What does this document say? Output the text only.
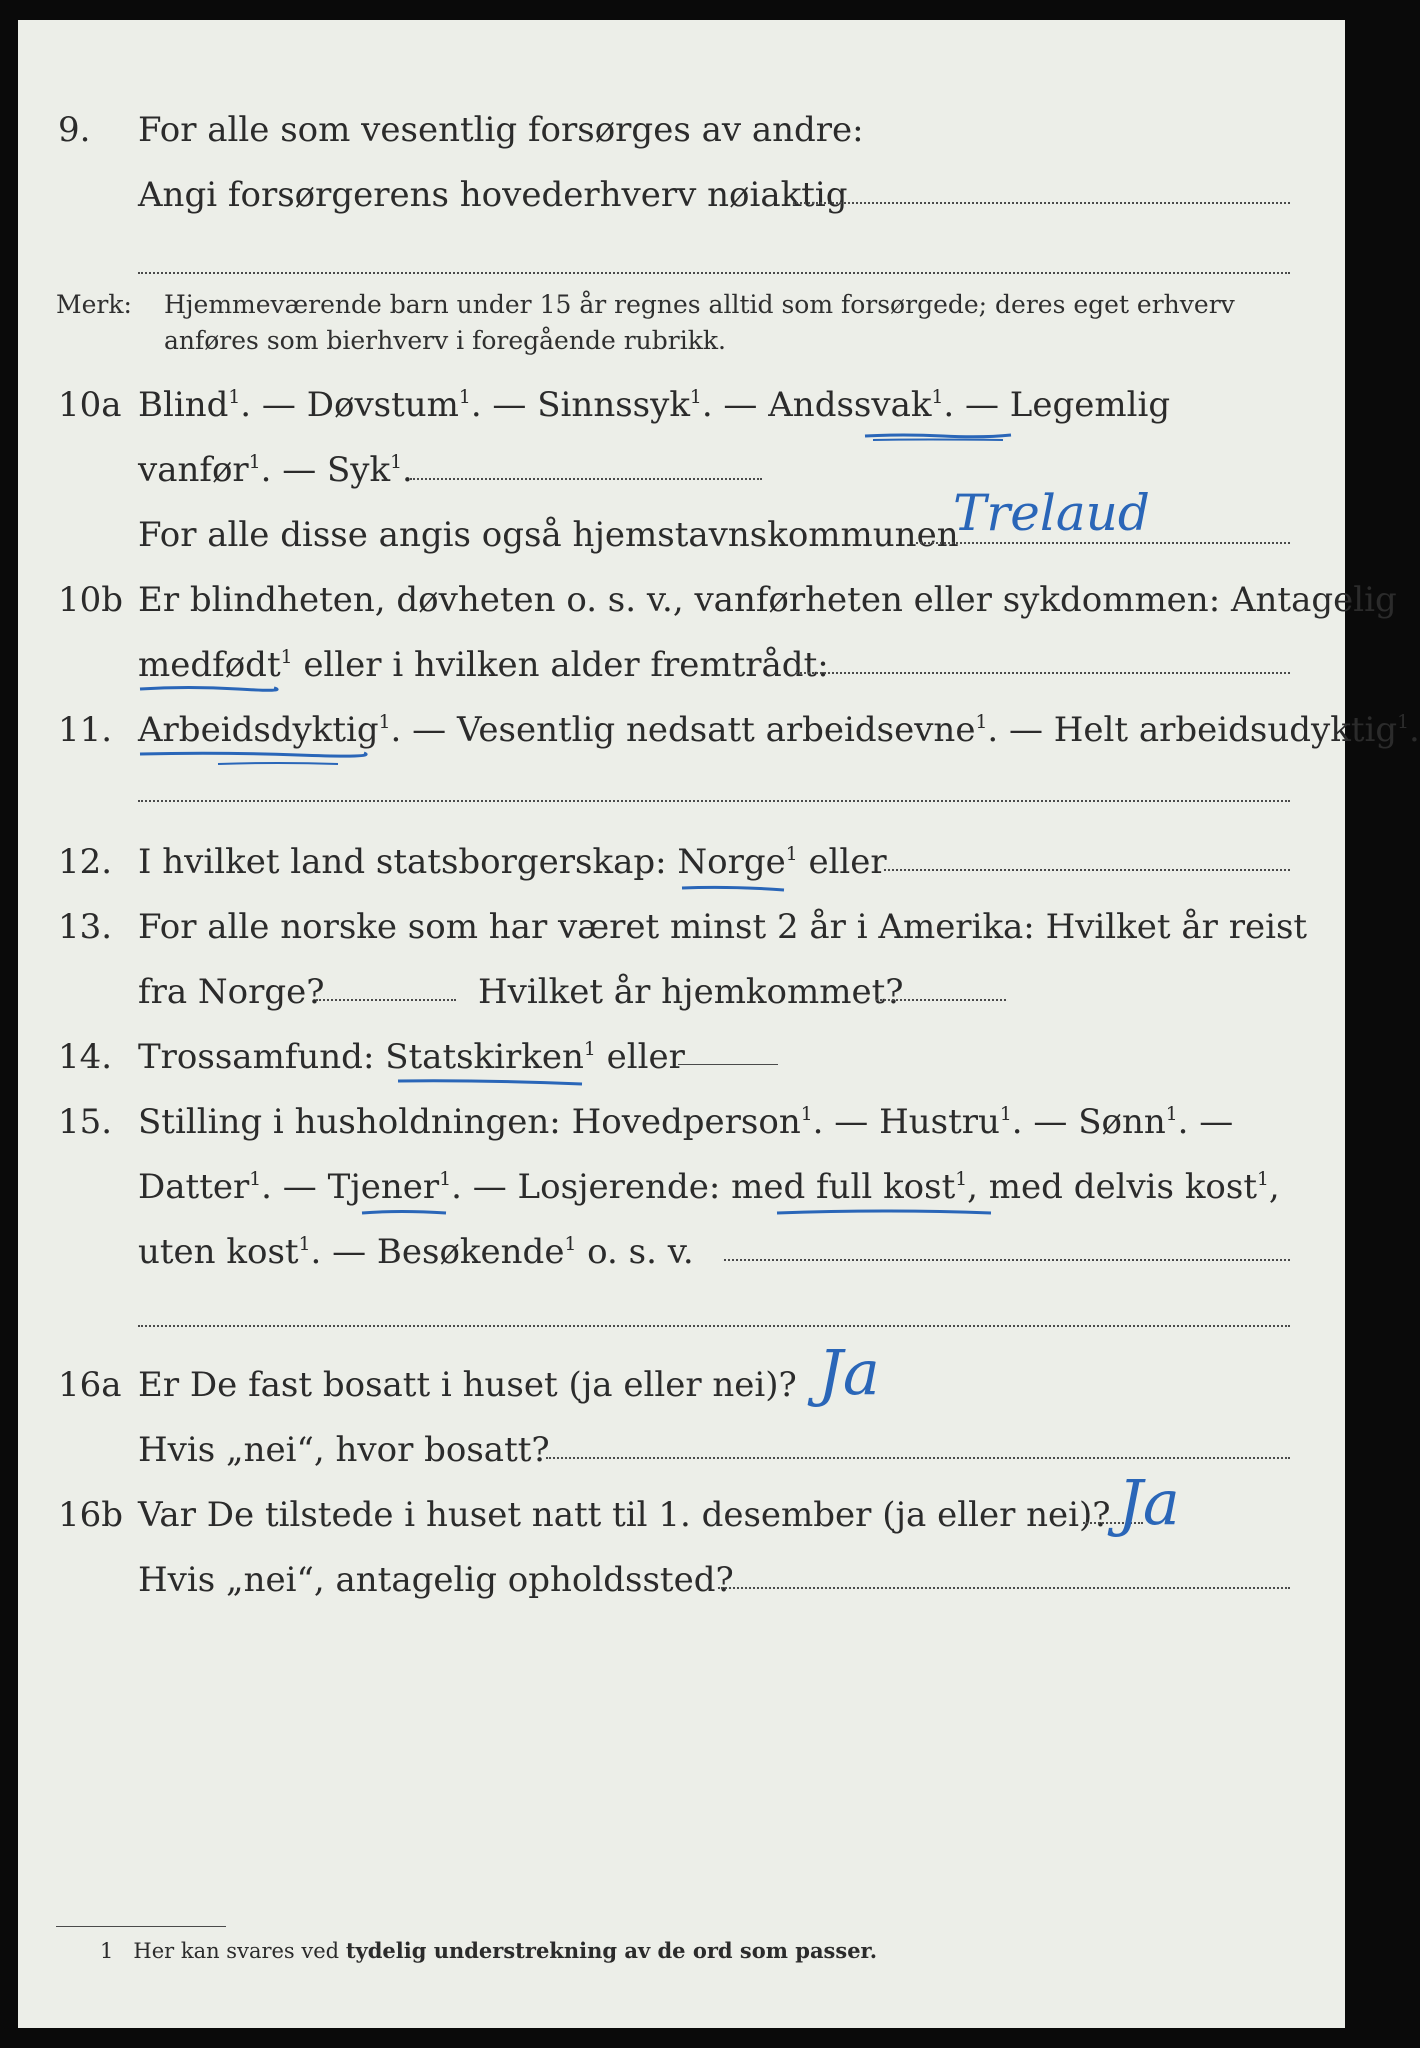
9. For alle som vesentlig forsørges av andre:
Angi forsørgerens hovederhverv nøiaktig
Merk: Hjemmeværende barn under 15 år regnes alltid som forsørgede; deres eget erhverv
anføres som bierhverv i foregående rubrikk.
10a Blind$^1$. — Døvstum$^1$. — Sinnssyk$^1$. — Andssvak$^1$. — Legemlig
vanfør$^1$. — Syk$^1$.
For alle disse angis også hjemstavnskommunen
Trelaud
10b Er blindheten, døvheten o. s. v., vanførheten eller sykdommen: Antagelig
medfødt$^1$ eller i hvilken alder fremtrådt:
11. Arbeidsdyktig$^1$. — Vesentlig nedsatt arbeidsevne$^1$. — Helt arbeidsudyktig$^1$.
12. I hvilket land statsborgerskap: Norge$^1$ eller
13. For alle norske som har været minst 2 år i Amerika: Hvilket år reist
fra Norge?	Hvilket år hjemkommet?
14. Trossamfund: Statskirken$^1$ eller
15. Stilling i husholdningen: Hovedperson$^1$. — Hustru$^1$. — Sønn$^1$. —
Datter$^1$. — Tjener$^1$. — Losjerende: med full kost$^1$, med delvis kost$^1$,
uten kost$^1$. — Besøkende$^1$ o. s. v.
16a Er De fast bosatt i huset (ja eller nei)? Ja
Hvis „nei“, hvor bosatt?
16b Var De tilstede i huset natt til 1. desember (ja eller nei)? Ja
Hvis „nei“, antagelig opholdssted?
1 Her kan svares ved tydelig understrekning av de ord som passer.
